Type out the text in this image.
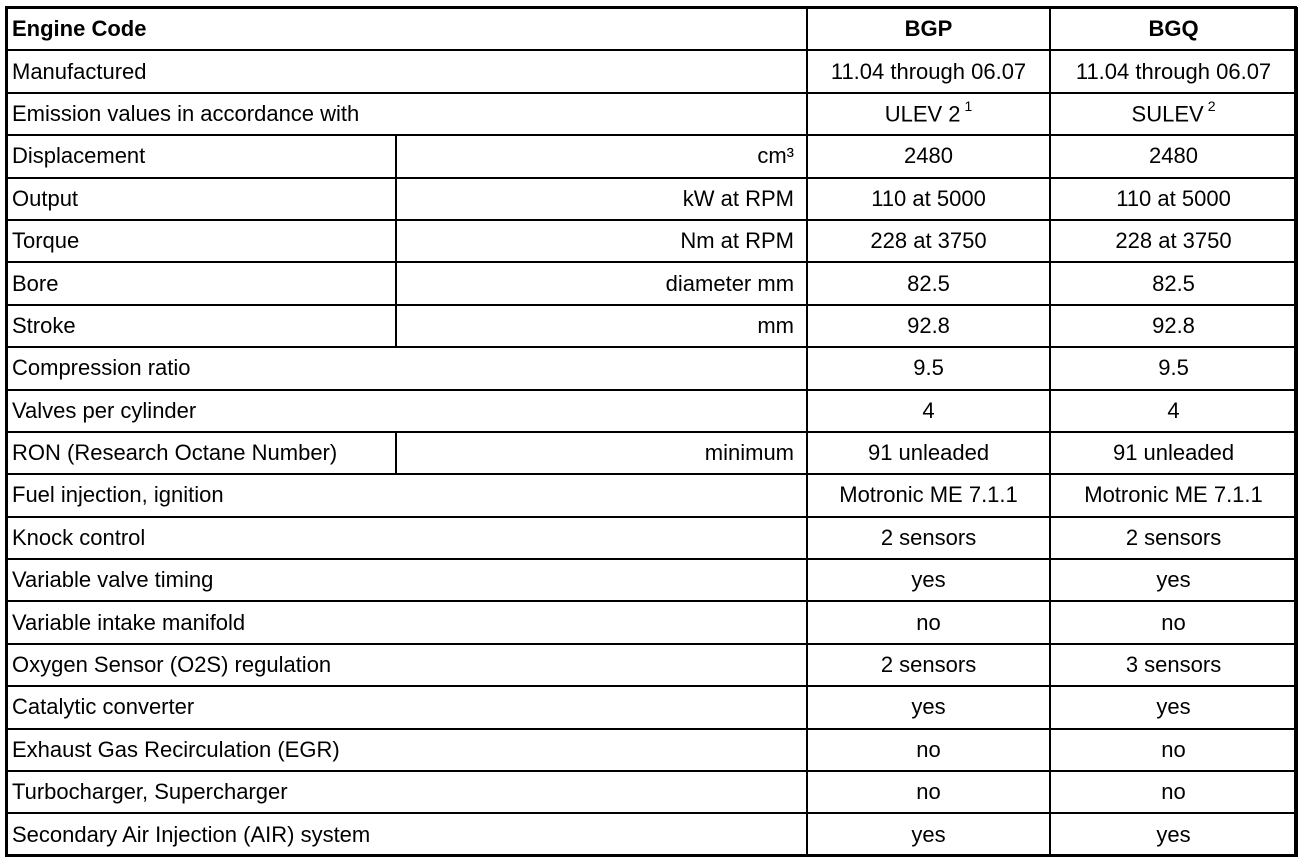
Engine Code		BGP	BGQ
Manufactured		11.04 through 06.07	11.04 through 06.07
Emission values in accordance with		ULEV 2 $^1$	SULEV $^2$
Displacement	cm³	2480	2480
Output	kW at RPM	110 at 5000	110 at 5000
Torque	Nm at RPM	228 at 3750	228 at 3750
Bore	diameter mm	82.5	82.5
Stroke	mm	92.8	92.8
Compression ratio		9.5	9.5
Valves per cylinder		4	4
RON (Research Octane Number)	minimum	91 unleaded	91 unleaded
Fuel injection, ignition		Motronic ME 7.1.1	Motronic ME 7.1.1
Knock control		2 sensors	2 sensors
Variable valve timing		yes	yes
Variable intake manifold		no	no
Oxygen Sensor (O2S) regulation		2 sensors	3 sensors
Catalytic converter		yes	yes
Exhaust Gas Recirculation (EGR)		no	no
Turbocharger, Supercharger		no	no
Secondary Air Injection (AIR) system		yes	yes
